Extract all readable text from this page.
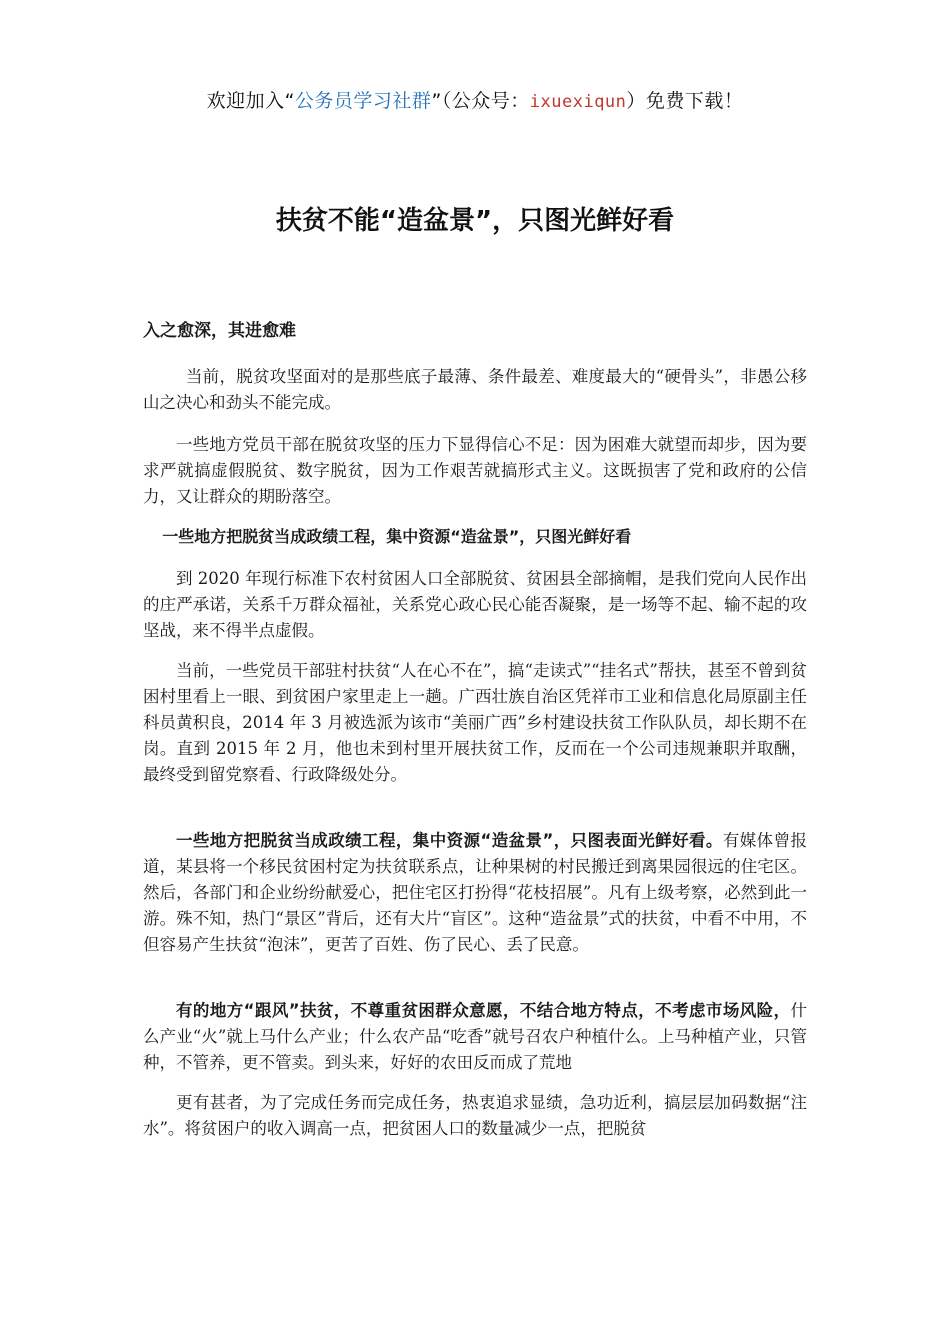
欢迎加入“公务员学习社群”（公众号：ixuexiqun）免费下载！
扶贫不能“造盆景”，只图光鲜好看
入之愈深，其进愈难

当前，脱贫攻坚面对的是那些底子最薄、条件最差、难度最大的“硬骨头”，非愚公移山之决心和劲头不能完成。

一些地方党员干部在脱贫攻坚的压力下显得信心不足：因为困难大就望而却步，因为要求严就搞虚假脱贫、数字脱贫，因为工作艰苦就搞形式主义。这既损害了党和政府的公信力，又让群众的期盼落空。

一些地方把脱贫当成政绩工程，集中资源“造盆景”，只图光鲜好看

到 2020 年现行标准下农村贫困人口全部脱贫、贫困县全部摘帽，是我们党向人民作出的庄严承诺，关系千万群众福祉，关系党心政心民心能否凝聚，是一场等不起、输不起的攻坚战，来不得半点虚假。

当前，一些党员干部驻村扶贫“人在心不在”，搞“走读式”“挂名式”帮扶，甚至不曾到贫困村里看上一眼、到贫困户家里走上一趟。广西壮族自治区凭祥市工业和信息化局原副主任科员黄积良，2014 年 3 月被选派为该市“美丽广西”乡村建设扶贫工作队队员，却长期不在岗。直到 2015 年 2 月，他也未到村里开展扶贫工作，反而在一个公司违规兼职并取酬，最终受到留党察看、行政降级处分。

一些地方把脱贫当成政绩工程，集中资源“造盆景”，只图表面光鲜好看。有媒体曾报道，某县将一个移民贫困村定为扶贫联系点，让种果树的村民搬迁到离果园很远的住宅区。然后，各部门和企业纷纷献爱心，把住宅区打扮得“花枝招展”。凡有上级考察，必然到此一游。殊不知，热门“景区”背后，还有大片“盲区”。这种“造盆景”式的扶贫，中看不中用，不但容易产生扶贫“泡沫”，更苦了百姓、伤了民心、丢了民意。

有的地方“跟风”扶贫，不尊重贫困群众意愿，不结合地方特点，不考虑市场风险，什么产业“火”就上马什么产业；什么农产品“吃香”就号召农户种植什么。上马种植产业，只管种，不管养，更不管卖。到头来，好好的农田反而成了荒地

更有甚者，为了完成任务而完成任务，热衷追求显绩，急功近利，搞层层加码数据“注水”。将贫困户的收入调高一点，把贫困人口的数量减少一点，把脱贫
